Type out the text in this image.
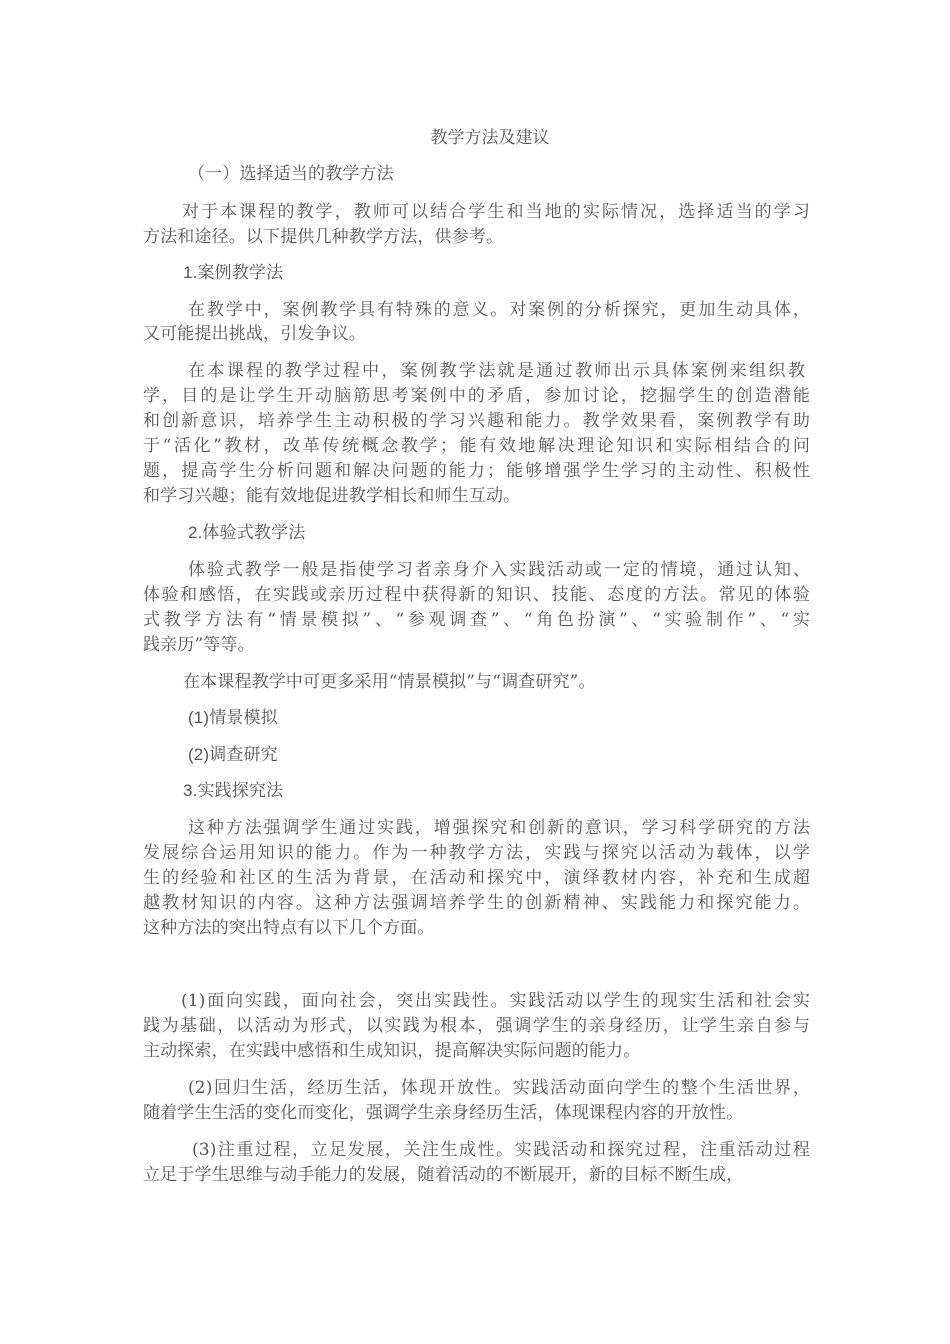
教学方法及建议
（一）选择适当的教学方法
对于本课程的教学，教师可以结合学生和当地的实际情况，选择适当的学习
方法和途径。以下提供几种教学方法，供参考。
1.案例教学法
在教学中，案例教学具有特殊的意义。对案例的分析探究，更加生动具体，
又可能提出挑战，引发争议。
在本课程的教学过程中，案例教学法就是通过教师出示具体案例来组织教
学，目的是让学生开动脑筋思考案例中的矛盾，参加讨论，挖掘学生的创造潜能
和创新意识，培养学生主动积极的学习兴趣和能力。教学效果看，案例教学有助
于“活化”教材，改革传统概念教学；能有效地解决理论知识和实际相结合的问
题，提高学生分析问题和解决问题的能力；能够增强学生学习的主动性、积极性
和学习兴趣；能有效地促进教学相长和师生互动。
2.体验式教学法
体验式教学一般是指使学习者亲身介入实践活动或一定的情境，通过认知、
体验和感悟，在实践或亲历过程中获得新的知识、技能、态度的方法。常见的体验
式教学方法有“情景模拟”、“参观调查”、“角色扮演”、“实验制作”、“实
践亲历”等等。
在本课程教学中可更多采用“情景模拟”与“调查研究”。
(1)情景模拟
(2)调查研究
3.实践探究法
这种方法强调学生通过实践，增强探究和创新的意识，学习科学研究的方法
发展综合运用知识的能力。作为一种教学方法，实践与探究以活动为载体，以学
生的经验和社区的生活为背景，在活动和探究中，演绎教材内容，补充和生成超
越教材知识的内容。这种方法强调培养学生的创新精神、实践能力和探究能力。
这种方法的突出特点有以下几个方面。
(1)面向实践，面向社会，突出实践性。实践活动以学生的现实生活和社会实
践为基础，以活动为形式，以实践为根本，强调学生的亲身经历，让学生亲自参与
主动探索，在实践中感悟和生成知识，提高解决实际问题的能力。
(2)回归生活，经历生活，体现开放性。实践活动面向学生的整个生活世界，
随着学生生活的变化而变化，强调学生亲身经历生活，体现课程内容的开放性。
(3)注重过程，立足发展，关注生成性。实践活动和探究过程，注重活动过程
立足于学生思维与动手能力的发展，随着活动的不断展开，新的目标不断生成，
